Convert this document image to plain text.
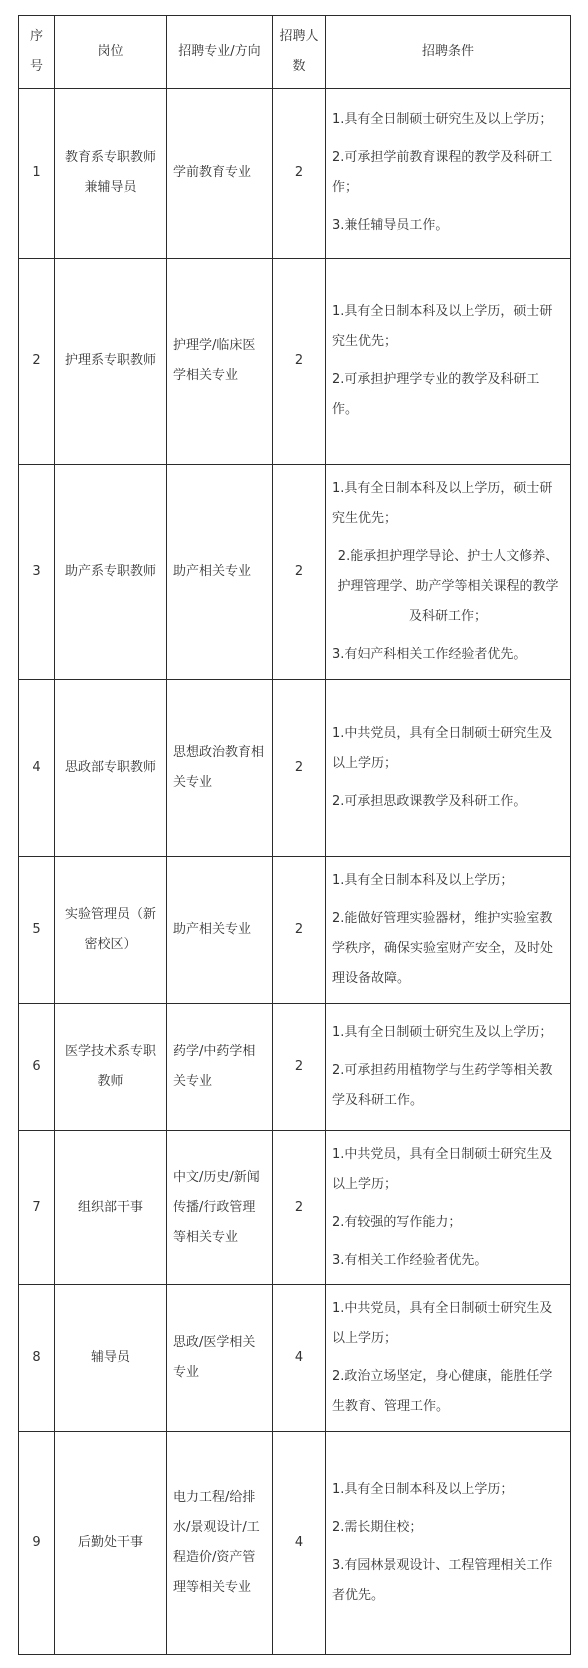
序号	岗位	招聘专业/方向	招聘人数	招聘条件
1	教育系专职教师兼辅导员	学前教育专业	2	1.具有全日制硕士研究生及以上学历；

2.可承担学前教育课程的教学及科研工作；

3.兼任辅导员工作。

2	护理系专职教师	护理学/临床医学相关专业	2	1.具有全日制本科及以上学历，硕士研究生优先；

2.可承担护理学专业的教学及科研工作。

3	助产系专职教师	助产相关专业	2	1.具有全日制本科及以上学历，硕士研究生优先；

2.能承担护理学导论、护士人文修养、护理管理学、助产学等相关课程的教学及科研工作；

3.有妇产科相关工作经验者优先。

4	思政部专职教师	思想政治教育相关专业	2	1.中共党员，具有全日制硕士研究生及以上学历；

2.可承担思政课教学及科研工作。

5	实验管理员（新密校区）	助产相关专业	2	1.具有全日制本科及以上学历；

2.能做好管理实验器材，维护实验室教学秩序，确保实验室财产安全，及时处理设备故障。

6	医学技术系专职教师	药学/中药学相关专业	2	1.具有全日制硕士研究生及以上学历；

2.可承担药用植物学与生药学等相关教学及科研工作。

7	组织部干事	中文/历史/新闻传播/行政管理等相关专业	2	1.中共党员，具有全日制硕士研究生及以上学历；

2.有较强的写作能力；

3.有相关工作经验者优先。

8	辅导员	思政/医学相关专业	4	1.中共党员，具有全日制硕士研究生及以上学历；

2.政治立场坚定，身心健康，能胜任学生教育、管理工作。

9	后勤处干事	电力工程/给排水/景观设计/工程造价/资产管理等相关专业	4	1.具有全日制本科及以上学历；

2.需长期住校；

3.有园林景观设计、工程管理相关工作者优先。
